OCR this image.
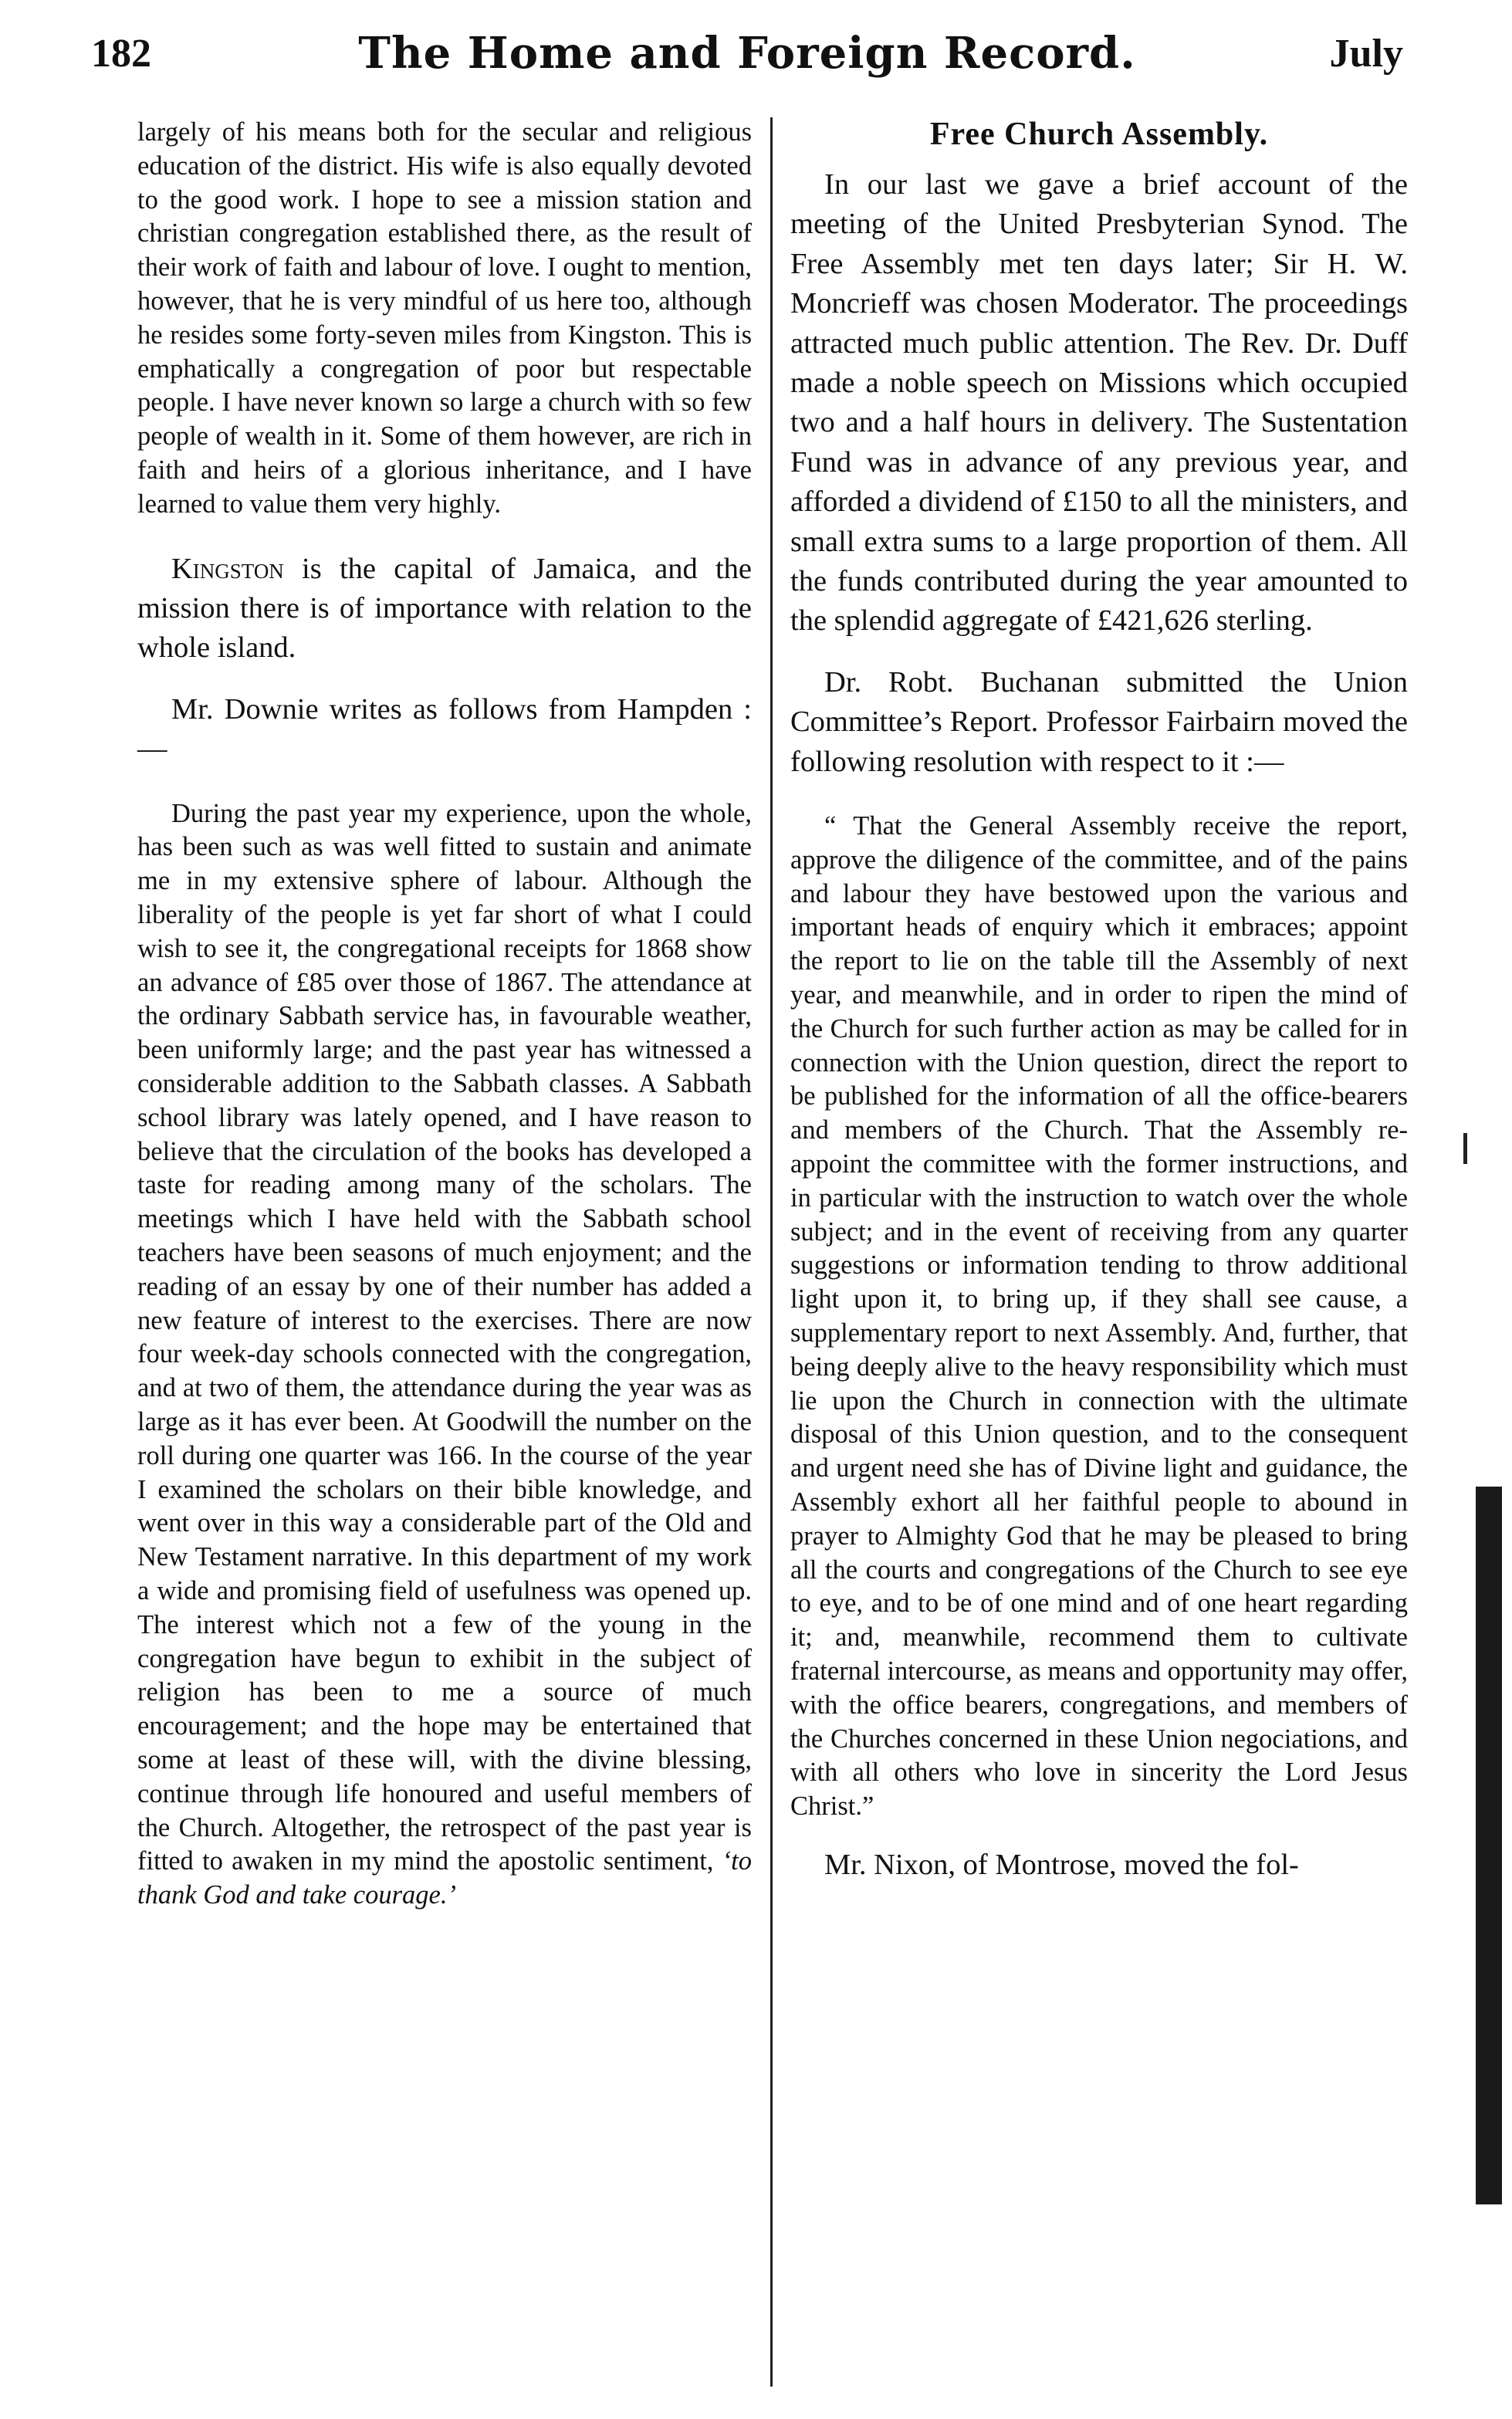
182	The Home and Foreign Record.	July

largely of his means both for the secular and religious education of the district. His wife is also equally devoted to the good work. I hope to see a mission station and christian congregation established there, as the result of their work of faith and labour of love. I ought to mention, however, that he is very mindful of us here too, although he resides some forty-seven miles from Kingston. This is emphatically a congregation of poor but respectable people. I have never known so large a church with so few people of wealth in it. Some of them however, are rich in faith and heirs of a glorious inheritance, and I have learned to value them very highly.

Kingston is the capital of Jamaica, and the mission there is of importance with relation to the whole island.

Mr. Downie writes as follows from Hampden :—

During the past year my experience, upon the whole, has been such as was well fitted to sustain and animate me in my extensive sphere of labour. Although the liberality of the people is yet far short of what I could wish to see it, the congregational receipts for 1868 show an advance of £85 over those of 1867. The attendance at the ordinary Sabbath service has, in favourable weather, been uniformly large; and the past year has witnessed a considerable addition to the Sabbath classes. A Sabbath school library was lately opened, and I have reason to believe that the circulation of the books has developed a taste for reading among many of the scholars. The meetings which I have held with the Sabbath school teachers have been seasons of much enjoyment; and the reading of an essay by one of their number has added a new feature of interest to the exercises. There are now four week-day schools connected with the congregation, and at two of them, the attendance during the year was as large as it has ever been. At Goodwill the number on the roll during one quarter was 166. In the course of the year I examined the scholars on their bible knowledge, and went over in this way a considerable part of the Old and New Testament narrative. In this department of my work a wide and promising field of usefulness was opened up. The interest which not a few of the young in the congregation have begun to exhibit in the subject of religion has been to me a source of much encouragement; and the hope may be entertained that some at least of these will, with the divine blessing, continue through life honoured and useful members of the Church. Altogether, the retrospect of the past year is fitted to awaken in my mind the apostolic sentiment, ‘to thank God and take courage.’

Free Church Assembly.

In our last we gave a brief account of the meeting of the United Presbyterian Synod. The Free Assembly met ten days later; Sir H. W. Moncrieff was chosen Moderator. The proceedings attracted much public attention. The Rev. Dr. Duff made a noble speech on Missions which occupied two and a half hours in delivery. The Sustentation Fund was in advance of any previous year, and afforded a dividend of £150 to all the ministers, and small extra sums to a large proportion of them. All the funds contributed during the year amounted to the splendid aggregate of £421,626 sterling.

Dr. Robt. Buchanan submitted the Union Committee’s Report. Professor Fairbairn moved the following resolution with respect to it :—

“ That the General Assembly receive the report, approve the diligence of the committee, and of the pains and labour they have bestowed upon the various and important heads of enquiry which it embraces; appoint the report to lie on the table till the Assembly of next year, and meanwhile, and in order to ripen the mind of the Church for such further action as may be called for in connection with the Union question, direct the report to be published for the information of all the office-bearers and members of the Church. That the Assembly re-appoint the committee with the former instructions, and in particular with the instruction to watch over the whole subject; and in the event of receiving from any quarter suggestions or information tending to throw additional light upon it, to bring up, if they shall see cause, a supplementary report to next Assembly. And, further, that being deeply alive to the heavy responsibility which must lie upon the Church in connection with the ultimate disposal of this Union question, and to the consequent and urgent need she has of Divine light and guidance, the Assembly exhort all her faithful people to abound in prayer to Almighty God that he may be pleased to bring all the courts and congregations of the Church to see eye to eye, and to be of one mind and of one heart regarding it; and, meanwhile, recommend them to cultivate fraternal intercourse, as means and opportunity may offer, with the office bearers, congregations, and members of the Churches concerned in these Union negociations, and with all others who love in sincerity the Lord Jesus Christ.”

Mr. Nixon, of Montrose, moved the fol-
